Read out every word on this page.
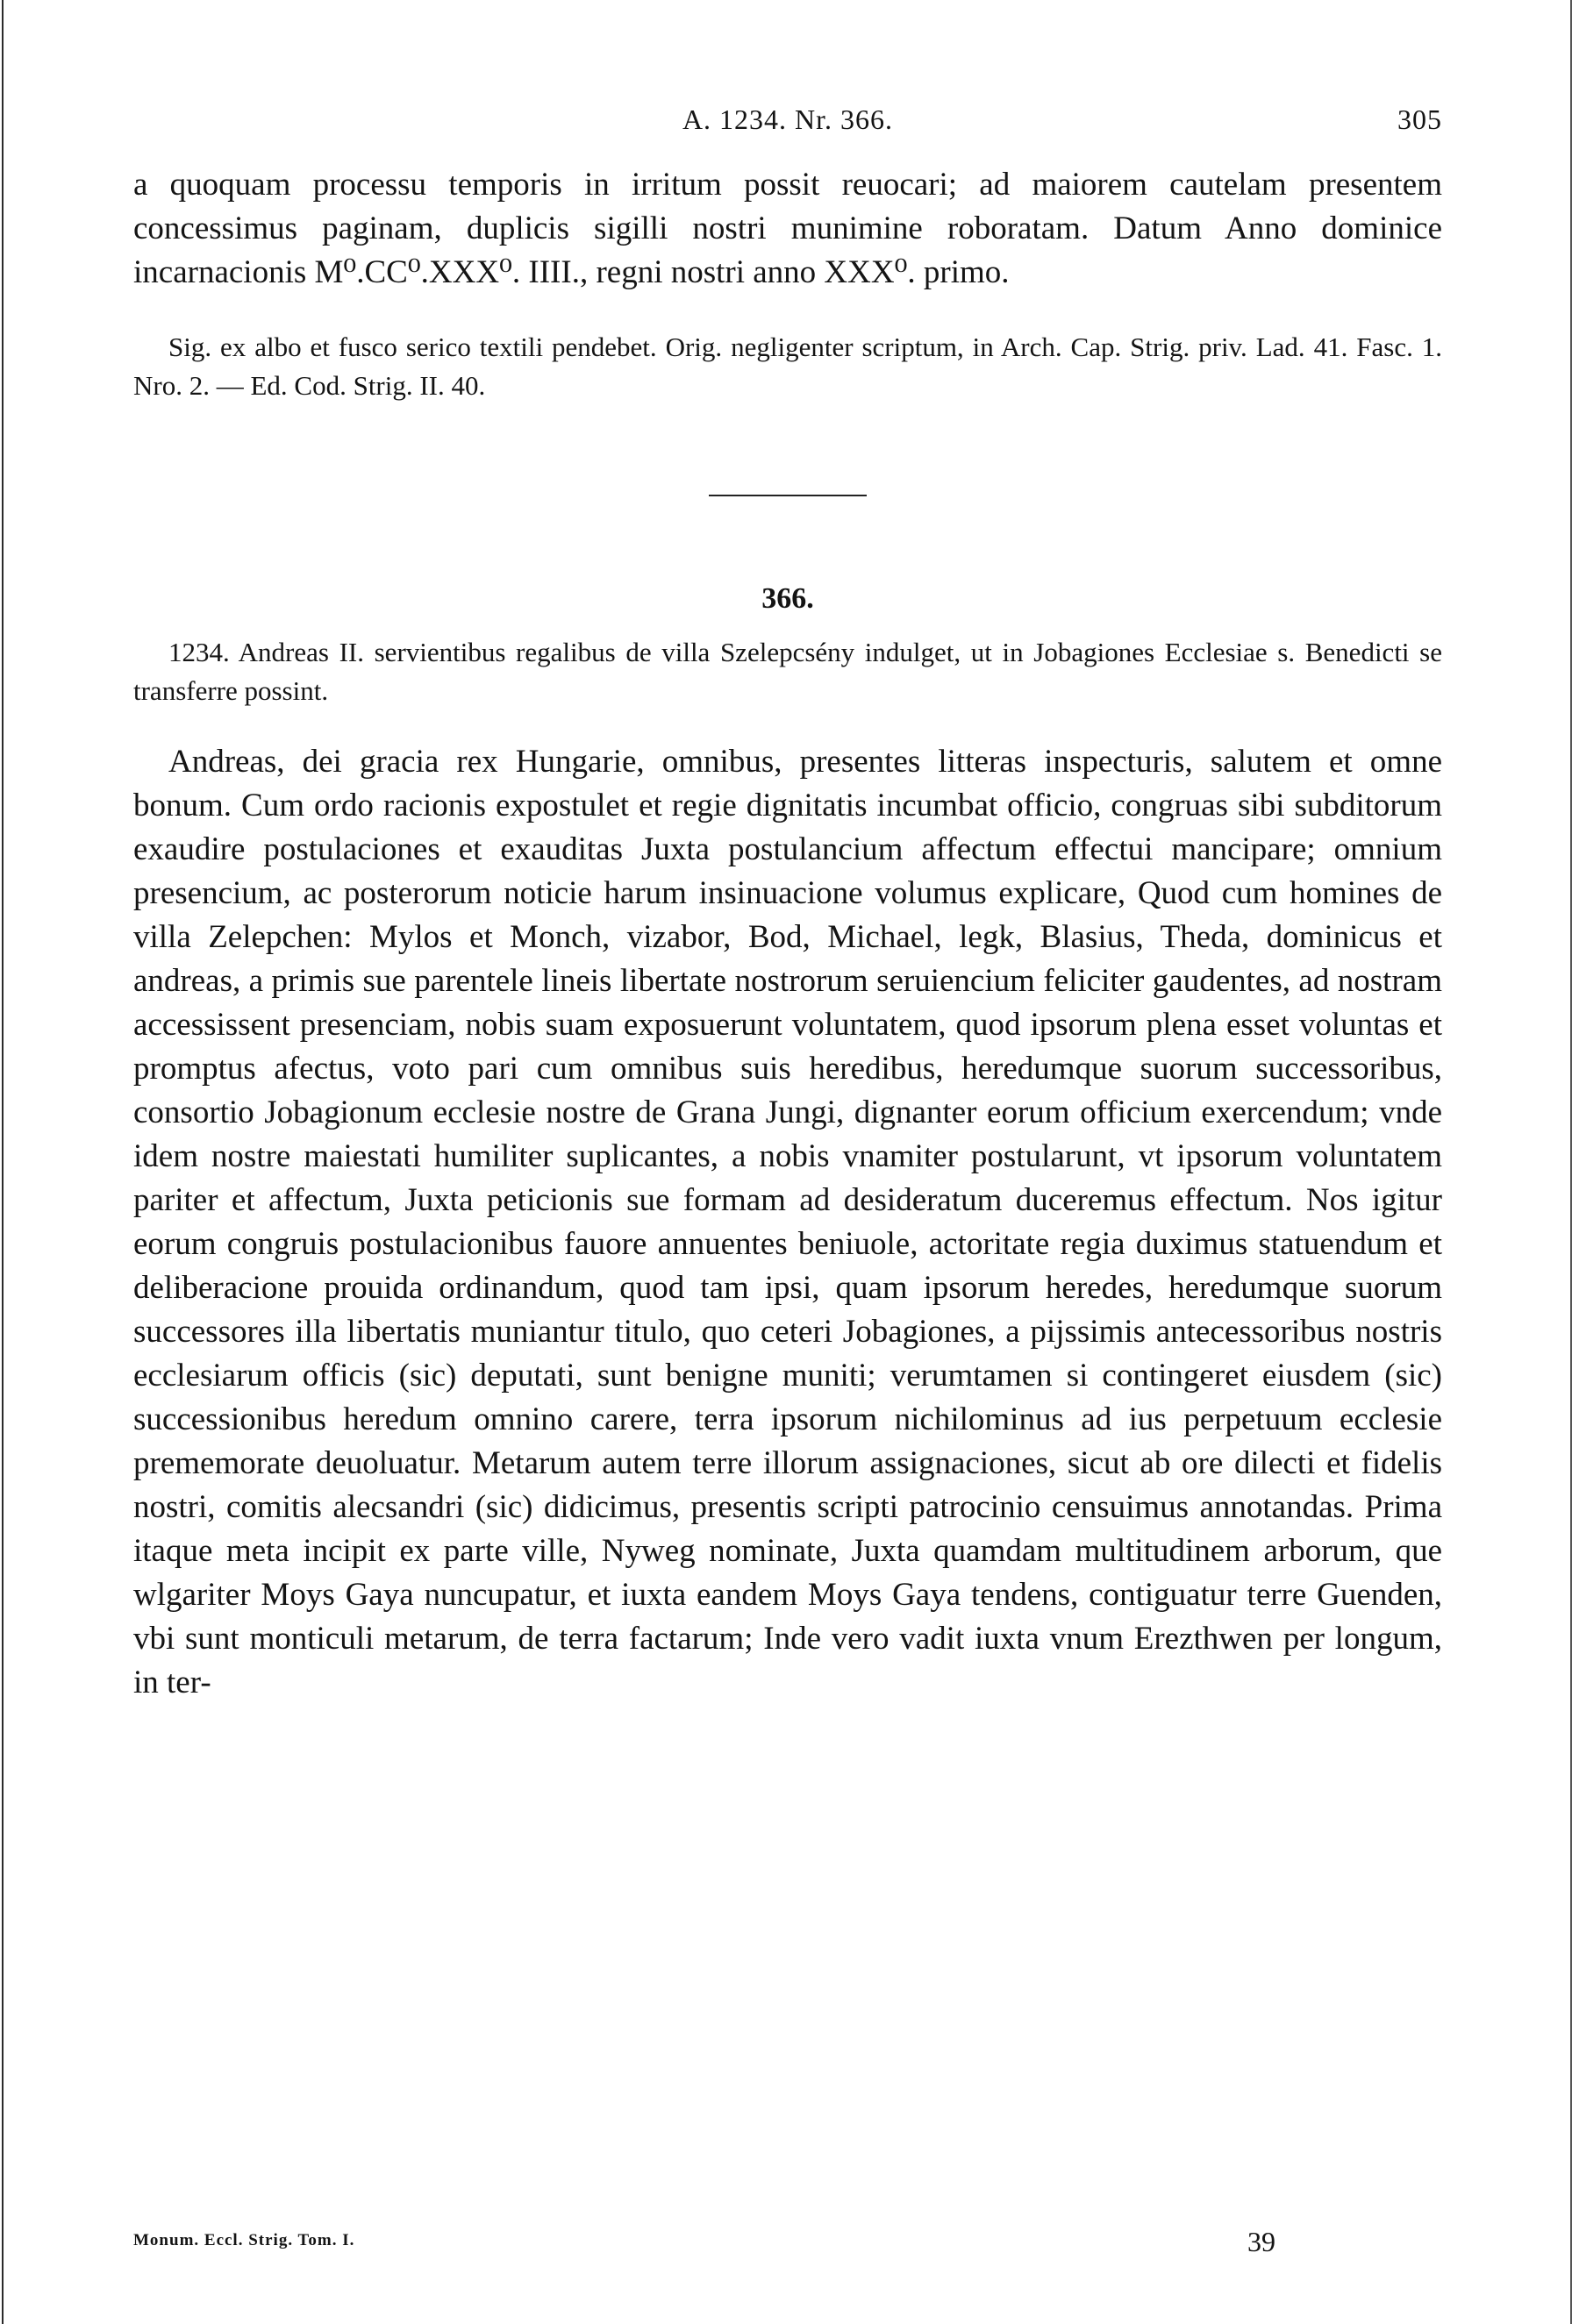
A. 1234. Nr. 366.	305

a quoquam processu temporis in irritum possit reuocari; ad maiorem cautelam presentem concessimus paginam, duplicis sigilli nostri munimine roboratam. Datum Anno dominice incarnacionis M⁰.CC⁰.XXX⁰. IIII., regni nostri anno XXX⁰. primo.

Sig. ex albo et fusco serico textili pendebet. Orig. negligenter scriptum, in Arch. Cap. Strig. priv. Lad. 41. Fasc. 1. Nro. 2. — Ed. Cod. Strig. II. 40.

366.

1234. Andreas II. servientibus regalibus de villa Szelepcsény indulget, ut in Jobagiones Ecclesiae s. Benedicti se transferre possint.

Andreas, dei gracia rex Hungarie, omnibus, presentes litteras inspecturis, salutem et omne bonum. Cum ordo racionis expostulet et regie dignitatis incumbat officio, congruas sibi subditorum exaudire postulaciones et exauditas Juxta postulancium affectum effectui mancipare; omnium presencium, ac posterorum noticie harum insinuacione volumus explicare, Quod cum homines de villa Zelepchen: Mylos et Monch, vizabor, Bod, Michael, legk, Blasius, Theda, dominicus et andreas, a primis sue parentele lineis libertate nostrorum seruiencium feliciter gaudentes, ad nostram accessissent presenciam, nobis suam exposuerunt voluntatem, quod ipsorum plena esset voluntas et promptus afectus, voto pari cum omnibus suis heredibus, heredumque suorum successoribus, consortio Jobagionum ecclesie nostre de Grana Jungi, dignanter eorum officium exercendum; vnde idem nostre maiestati humiliter suplicantes, a nobis vnamiter postularunt, vt ipsorum voluntatem pariter et affectum, Juxta peticionis sue formam ad desideratum duceremus effectum. Nos igitur eorum congruis postulacionibus fauore annuentes beniuole, actoritate regia duximus statuendum et deliberacione prouida ordinandum, quod tam ipsi, quam ipsorum heredes, heredumque suorum successores illa libertatis muniantur titulo, quo ceteri Jobagiones, a pijssimis antecessoribus nostris ecclesiarum officis (sic) deputati, sunt benigne muniti; verumtamen si contingeret eiusdem (sic) successionibus heredum omnino carere, terra ipsorum nichilominus ad ius perpetuum ecclesie prememorate deuoluatur. Metarum autem terre illorum assignaciones, sicut ab ore dilecti et fidelis nostri, comitis alecsandri (sic) didicimus, presentis scripti patrocinio censuimus annotandas. Prima itaque meta incipit ex parte ville, Nyweg nominate, Juxta quamdam multitudinem arborum, que wlgariter Moys Gaya nuncupatur, et iuxta eandem Moys Gaya tendens, contiguatur terre Guenden, vbi sunt monticuli metarum, de terra factarum; Inde vero vadit iuxta vnum Erezthwen per longum, in ter-

Monum. Eccl. Strig. Tom. I.	39
